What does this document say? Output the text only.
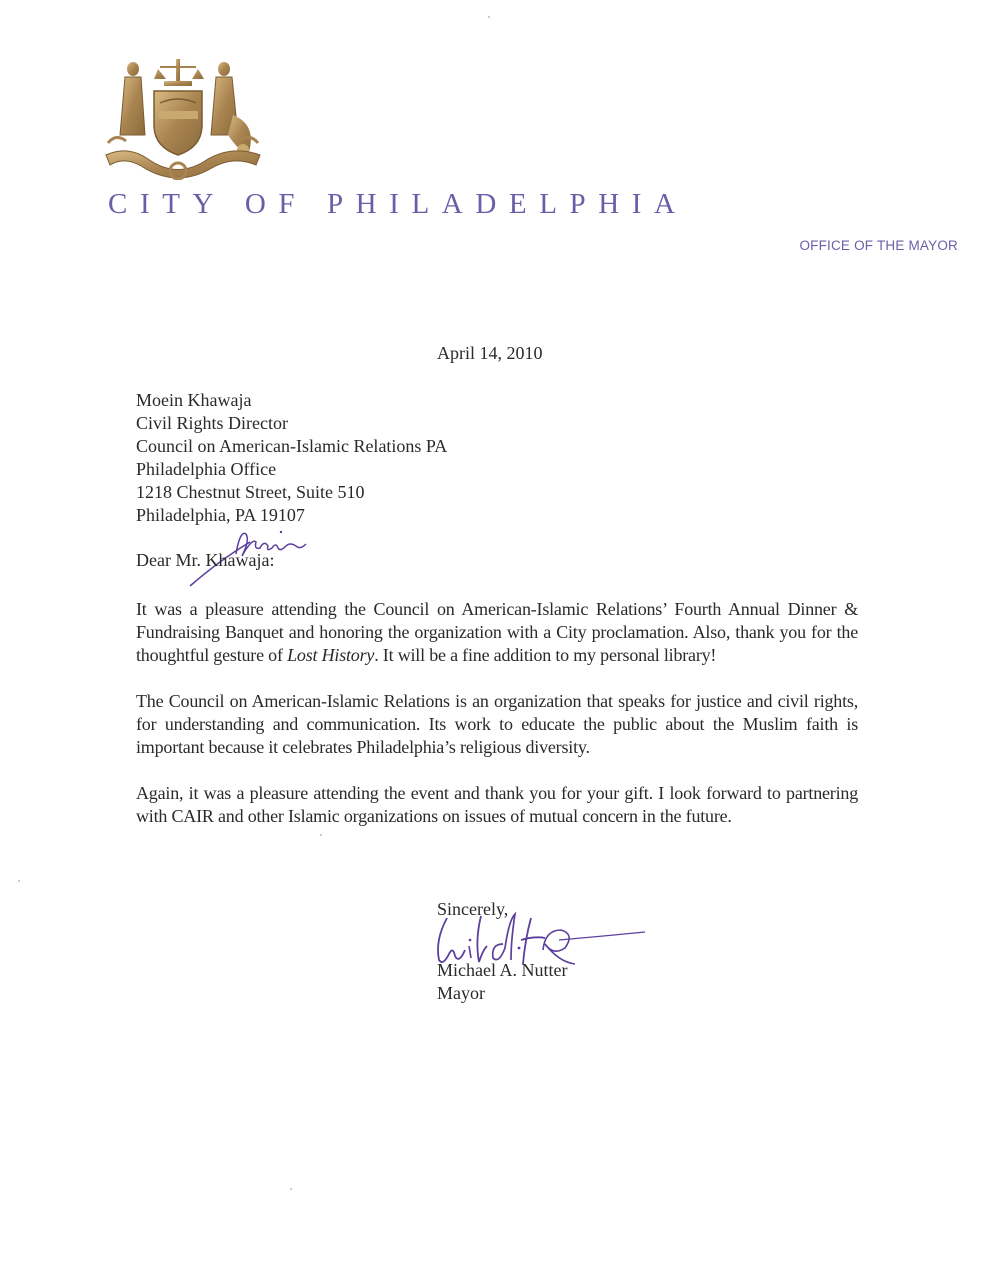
CITY OF PHILADELPHIA
OFFICE OF THE MAYOR
April 14, 2010
Moein Khawaja
Civil Rights Director
Council on American-Islamic Relations PA
Philadelphia Office
1218 Chestnut Street, Suite 510
Philadelphia, PA 19107
Dear Mr. Khawaja:

It was a pleasure attending the Council on American-Islamic Relations’ Fourth Annual Dinner & Fundraising Banquet and honoring the organization with a City proclamation. Also, thank you for the thoughtful gesture of Lost History. It will be a fine addition to my personal library!

The Council on American-Islamic Relations is an organization that speaks for justice and civil rights, for understanding and communication. Its work to educate the public about the Muslim faith is important because it celebrates Philadelphia’s religious diversity.

Again, it was a pleasure attending the event and thank you for your gift. I look forward to partnering with CAIR and other Islamic organizations on issues of mutual concern in the future.

Sincerely,
Michael A. Nutter
Mayor
